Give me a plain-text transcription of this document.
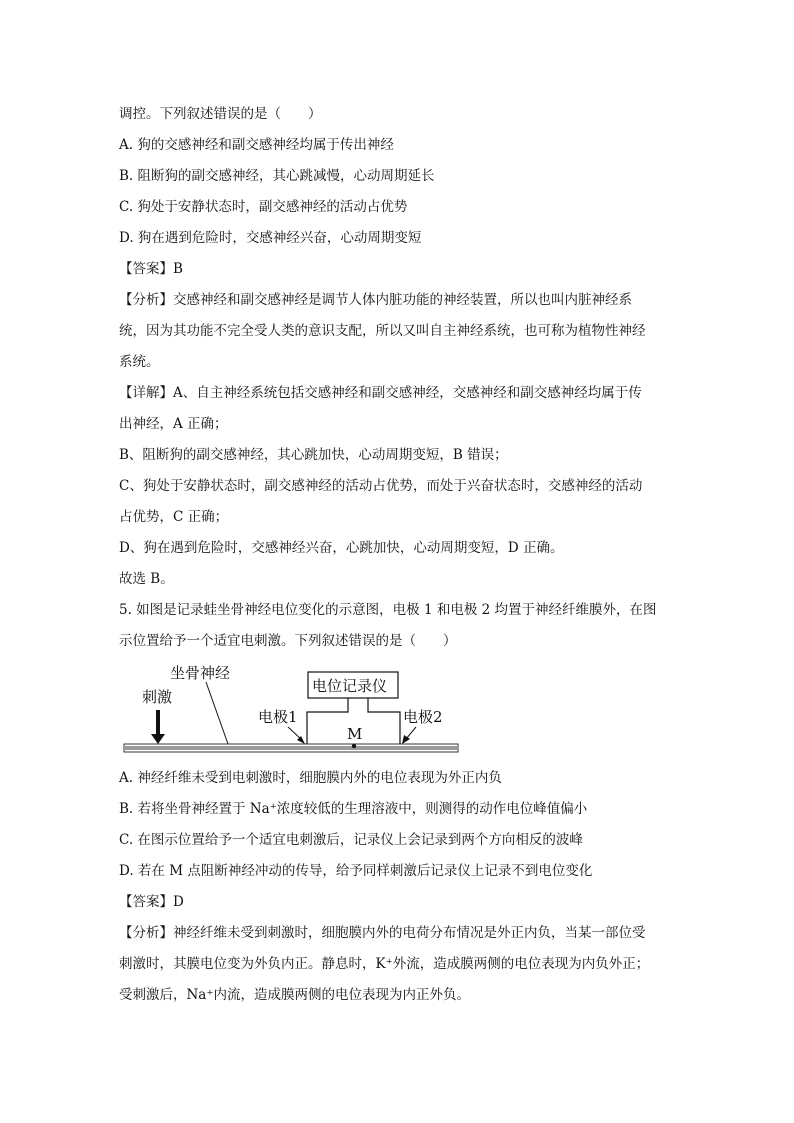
调控。下列叙述错误的是（　　）
A. 狗的交感神经和副交感神经均属于传出神经
B. 阻断狗的副交感神经，其心跳减慢，心动周期延长
C. 狗处于安静状态时，副交感神经的活动占优势
D. 狗在遇到危险时，交感神经兴奋，心动周期变短
【答案】B
【分析】交感神经和副交感神经是调节人体内脏功能的神经装置，所以也叫内脏神经系
统，因为其功能不完全受人类的意识支配，所以又叫自主神经系统，也可称为植物性神经
系统。
【详解】A、自主神经系统包括交感神经和副交感神经，交感神经和副交感神经均属于传
出神经，A 正确；
B、阻断狗的副交感神经，其心跳加快，心动周期变短，B 错误；
C、狗处于安静状态时，副交感神经的活动占优势，而处于兴奋状态时，交感神经的活动
占优势，C 正确；
D、狗在遇到危险时，交感神经兴奋，心跳加快，心动周期变短，D 正确。
故选 B。
5. 如图是记录蛙坐骨神经电位变化的示意图，电极 1 和电极 2 均置于神经纤维膜外，在图
示位置给予一个适宜电刺激。下列叙述错误的是（　　）
坐骨神经
刺激
电位记录仪
电极1	电极2
M
A. 神经纤维未受到电刺激时，细胞膜内外的电位表现为外正内负
B. 若将坐骨神经置于 Na⁺浓度较低的生理溶液中，则测得的动作电位峰值偏小
C. 在图示位置给予一个适宜电刺激后，记录仪上会记录到两个方向相反的波峰
D. 若在 M 点阻断神经冲动的传导，给予同样刺激后记录仪上记录不到电位变化
【答案】D
【分析】神经纤维未受到刺激时，细胞膜内外的电荷分布情况是外正内负，当某一部位受
刺激时，其膜电位变为外负内正。静息时，K⁺外流，造成膜两侧的电位表现为内负外正；
受刺激后，Na⁺内流，造成膜两侧的电位表现为内正外负。
